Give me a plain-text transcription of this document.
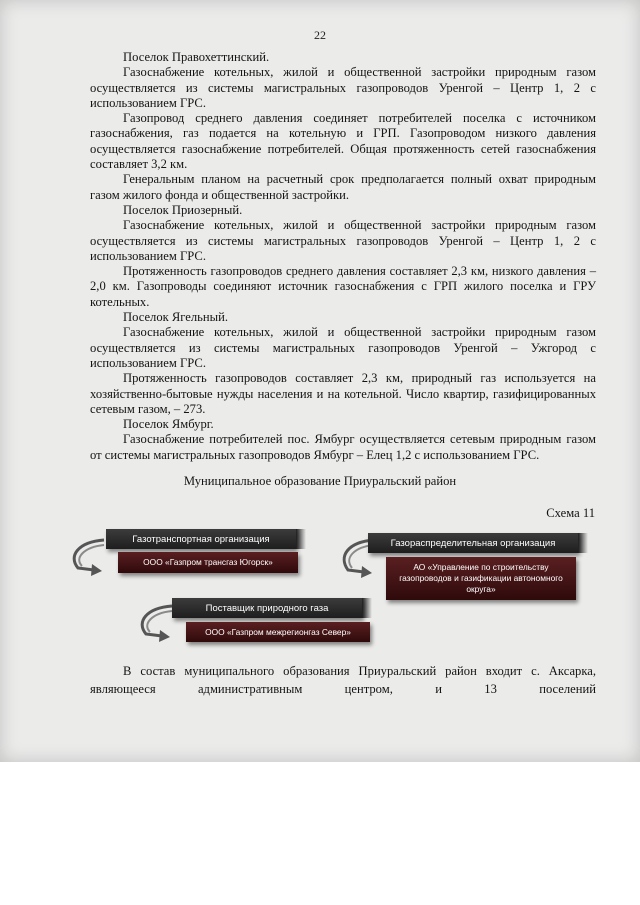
22

Поселок Правохеттинский.

Газоснабжение котельных, жилой и общественной застройки природным газом осуществляется из системы магистральных газопроводов Уренгой – Центр 1, 2 с использованием ГРС.

Газопровод среднего давления соединяет потребителей поселка с источником газоснабжения, газ подается на котельную и ГРП. Газопроводом низкого давления осуществляется газоснабжение потребителей. Общая протяженность сетей газоснабжения составляет 3,2 км.

Генеральным планом на расчетный срок предполагается полный охват природным газом жилого фонда и общественной застройки.

Поселок Приозерный.

Газоснабжение котельных, жилой и общественной застройки природным газом осуществляется из системы магистральных газопроводов Уренгой – Центр 1, 2 с использованием ГРС.

Протяженность газопроводов среднего давления составляет 2,3 км, низкого давления – 2,0 км. Газопроводы соединяют источник газоснабжения с ГРП жилого поселка и ГРУ котельных.

Поселок Ягельный.

Газоснабжение котельных, жилой и общественной застройки природным газом осуществляется из системы магистральных газопроводов Уренгой – Ужгород с использованием ГРС.

Протяженность газопроводов составляет 2,3 км, природный газ используется на хозяйственно-бытовые нужды населения и на котельной. Число квартир, газифицированных сетевым газом, – 273.

Поселок Ямбург.

Газоснабжение потребителей пос. Ямбург осуществляется сетевым природным газом от системы магистральных газопроводов Ямбург – Елец 1,2 с использованием ГРС.

Муниципальное образование Приуральский район
Схема 11
Газотранспортная организация
ООО «Газпром трансгаз Югорск»
Газораспределительная организация
АО «Управление по строительству газопроводов и газификации автономного округа»
Поставщик природного газа
ООО «Газпром межрегионгаз Север»

В состав муниципального образования Приуральский район входит с. Аксарка, являющееся административным центром, и 13 поселений
